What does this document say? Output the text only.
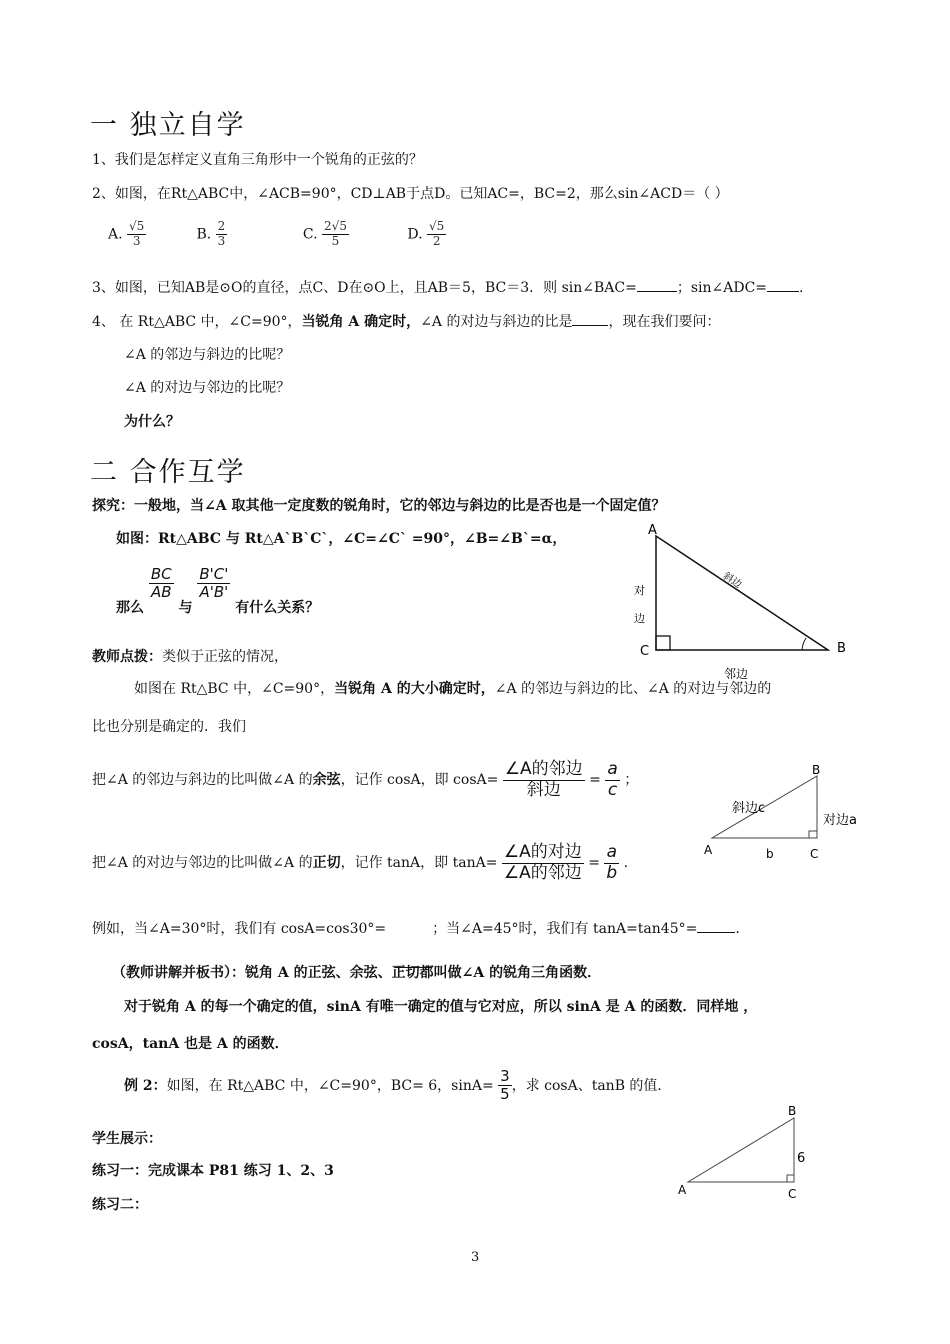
一 独立自学
1、我们是怎样定义直角三角形中一个锐角的正弦的？
2、如图，在Rt△ABC中，∠ACB=90°，CD⊥AB于点D。已知AC=，BC=2，那么sin∠ACD＝（ ）
A. $\frac{√5}{3}$	B. $\frac{2}{3}$	C. $\frac{2√5}{5}$	D. $\frac{√5}{2}$
3、如图，已知AB是⊙O的直径，点C、D在⊙O上，且AB＝5，BC＝3．则 sin∠BAC=	；sin∠ADC= .
4、 在 Rt△ABC 中，∠C=90°，当锐角 A 确定时，∠A 的对边与斜边的比是	，现在我们要问：
∠A 的邻边与斜边的比呢？
∠A 的对边与邻边的比呢？
为什么？
二 合作互学
探究：一般地，当∠A 取其他一定度数的锐角时，它的邻边与斜边的比是否也是一个固定值？
如图：Rt△ABC 与 Rt△A`B`C`，∠C=∠C` =90°，∠B=∠B`=α，
那么
$\frac{BC}{AB}$
与
$\frac{B'C'}{A'B'}$
有什么关系？
A
C	B
斜边
对
边
邻边
教师点拨：类似于正弦的情况，
如图在 Rt△BC 中，∠C=90°，当锐角 A 的大小确定时，∠A 的邻边与斜边的比、∠A 的对边与邻边的
比也分别是确定的．我们
把∠A 的邻边与斜边的比叫做∠A 的余弦，记作 cosA，即 $\cos A= \frac{\text{∠A的邻边}}{\text{斜边}} = \frac{a}{c}$ ；
B
A	C
斜边c
对边a
b
把∠A 的对边与邻边的比叫做∠A 的正切，记作 tanA，即 $\tan A= \frac{\text{∠A的对边}}{\text{∠A的邻边}} = \frac{a}{b}$ .
例如，当∠A=30°时，我们有 cosA=cos30°=	；当∠A=45°时，我们有 tanA=tan45°=	.
（教师讲解并板书）：锐角 A 的正弦、余弦、正切都叫做∠A 的锐角三角函数．
对于锐角 A 的每一个确定的值，sinA 有唯一确定的值与它对应，所以 sinA 是 A 的函数．同样地 ，
cosA，tanA 也是 A 的函数．
例 2：如图，在 Rt△ABC 中，∠C=90°，BC= 6，$\sin A= \frac{3}{5}$ ，求 cosA、tanB 的值．
B
A	C
6
学生展示：
练习一：完成课本 P81 练习 1、2、3
练习二：
3
